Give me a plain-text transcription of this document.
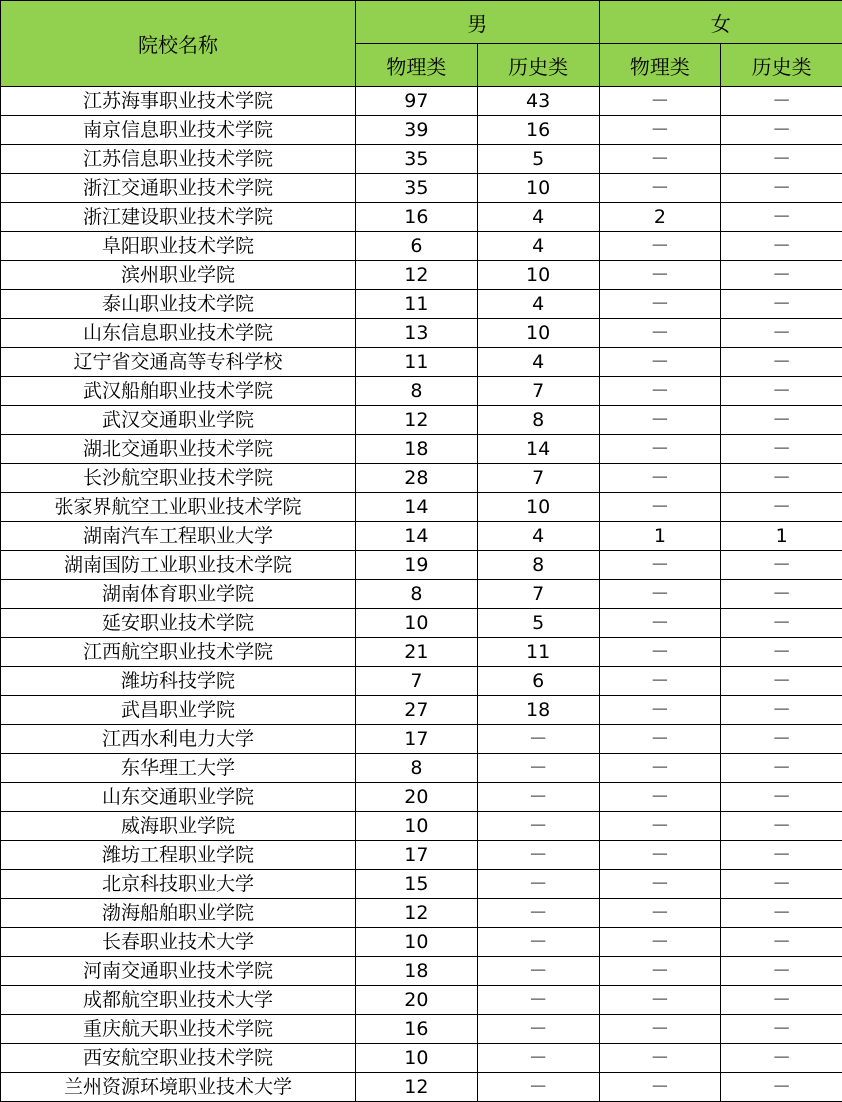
院校名称	男		女	
	物理类	历史类	物理类	历史类
江苏海事职业技术学院	97	43	－	－
南京信息职业技术学院	39	16	－	－
江苏信息职业技术学院	35	5	－	－
浙江交通职业技术学院	35	10	－	－
浙江建设职业技术学院	16	4	2	－
阜阳职业技术学院	6	4	－	－
滨州职业学院	12	10	－	－
泰山职业技术学院	11	4	－	－
山东信息职业技术学院	13	10	－	－
辽宁省交通高等专科学校	11	4	－	－
武汉船舶职业技术学院	8	7	－	－
武汉交通职业学院	12	8	－	－
湖北交通职业技术学院	18	14	－	－
长沙航空职业技术学院	28	7	－	－
张家界航空工业职业技术学院	14	10	－	－
湖南汽车工程职业大学	14	4	1	1
湖南国防工业职业技术学院	19	8	－	－
湖南体育职业学院	8	7	－	－
延安职业技术学院	10	5	－	－
江西航空职业技术学院	21	11	－	－
潍坊科技学院	7	6	－	－
武昌职业学院	27	18	－	－
江西水利电力大学	17	－	－	－
东华理工大学	8	－	－	－
山东交通职业学院	20	－	－	－
威海职业学院	10	－	－	－
潍坊工程职业学院	17	－	－	－
北京科技职业大学	15	－	－	－
渤海船舶职业学院	12	－	－	－
长春职业技术大学	10	－	－	－
河南交通职业技术学院	18	－	－	－
成都航空职业技术大学	20	－	－	－
重庆航天职业技术学院	16	－	－	－
西安航空职业技术学院	10	－	－	－
兰州资源环境职业技术大学	12	－	－	－
